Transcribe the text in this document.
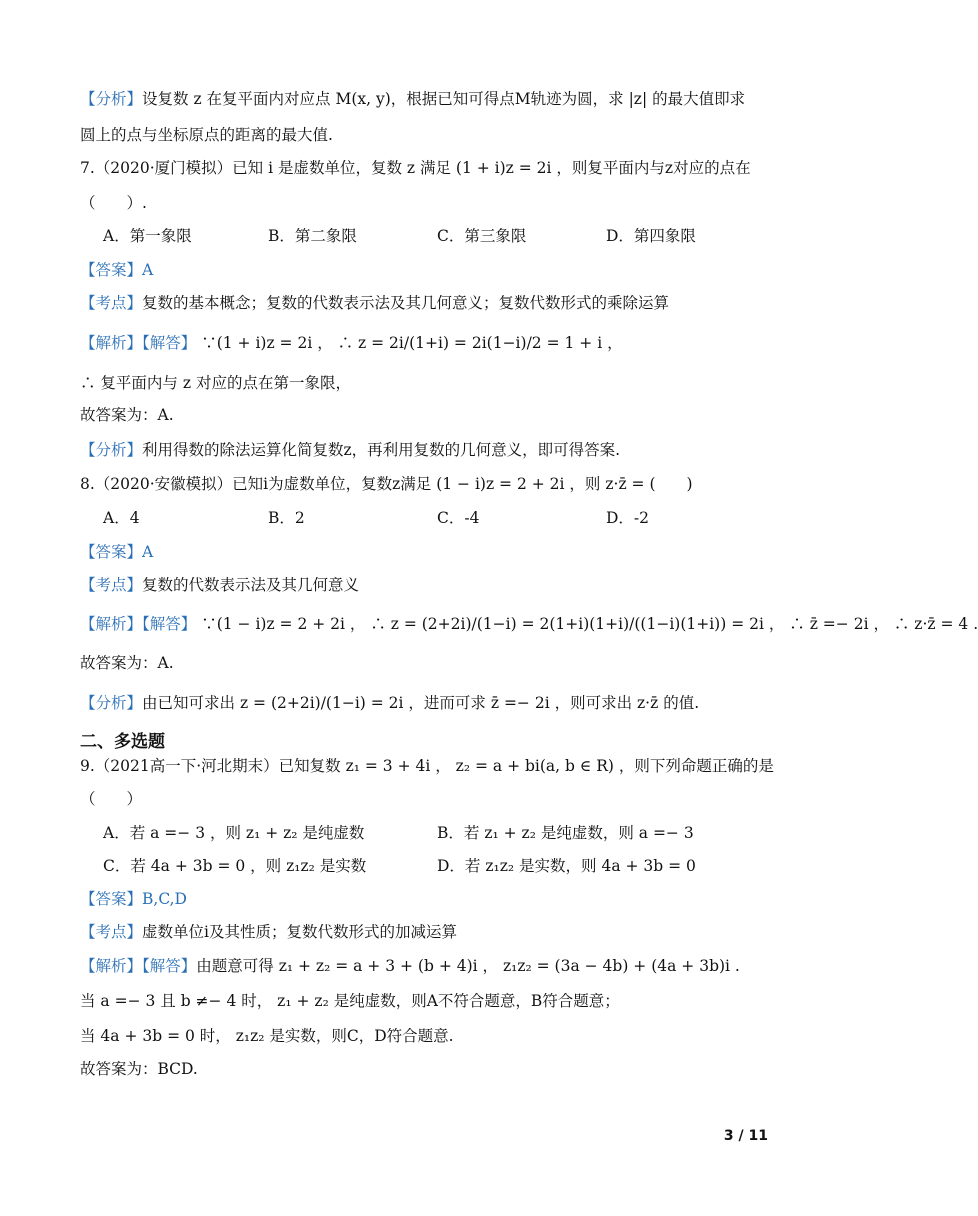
【分析】设复数 z 在复平面内对应点 M(x, y)，根据已知可得点M轨迹为圆，求 |z| 的最大值即求
圆上的点与坐标原点的距离的最大值.
7.（2020·厦门模拟）已知 i 是虚数单位，复数 z 满足 (1 + i)z = 2i ，则复平面内与z对应的点在
（　　）.
A．第一象限	B．第二象限	C．第三象限	D．第四象限
【答案】A
【考点】复数的基本概念；复数的代数表示法及其几何意义；复数代数形式的乘除运算
【解析】【解答】 ∵(1 + i)z = 2i ， ∴ z = 2i/(1+i) = 2i(1−i)/2 = 1 + i ，
∴ 复平面内与 z 对应的点在第一象限，
故答案为：A.
【分析】利用得数的除法运算化简复数z，再利用复数的几何意义，即可得答案.
8.（2020·安徽模拟）已知i为虚数单位，复数z满足 (1 − i)z = 2 + 2i ，则 z·z̄ = (　　)
A．4	B．2	C．-4	D．-2
【答案】A
【考点】复数的代数表示法及其几何意义
【解析】【解答】 ∵(1 − i)z = 2 + 2i ， ∴ z = (2+2i)/(1−i) = 2(1+i)(1+i)/((1−i)(1+i)) = 2i ， ∴ z̄ =− 2i ， ∴ z·z̄ = 4 .
故答案为：A.
【分析】由已知可求出 z = (2+2i)/(1−i) = 2i ，进而可求 z̄ =− 2i ，则可求出 z·z̄ 的值.
二、多选题
9.（2021高一下·河北期末）已知复数 z₁ = 3 + 4i ， z₂ = a + bi(a, b ∈ R) ，则下列命题正确的是
（　　）
A．若 a =− 3 ，则 z₁ + z₂ 是纯虚数	B．若 z₁ + z₂ 是纯虚数，则 a =− 3
C．若 4a + 3b = 0 ，则 z₁z₂ 是实数	D．若 z₁z₂ 是实数，则 4a + 3b = 0
【答案】B,C,D
【考点】虚数单位i及其性质；复数代数形式的加减运算
【解析】【解答】由题意可得 z₁ + z₂ = a + 3 + (b + 4)i ， z₁z₂ = (3a − 4b) + (4a + 3b)i .
当 a =− 3 且 b ≠− 4 时， z₁ + z₂ 是纯虚数，则A不符合题意，B符合题意；
当 4a + 3b = 0 时， z₁z₂ 是实数，则C，D符合题意.
故答案为：BCD.
3 / 11
